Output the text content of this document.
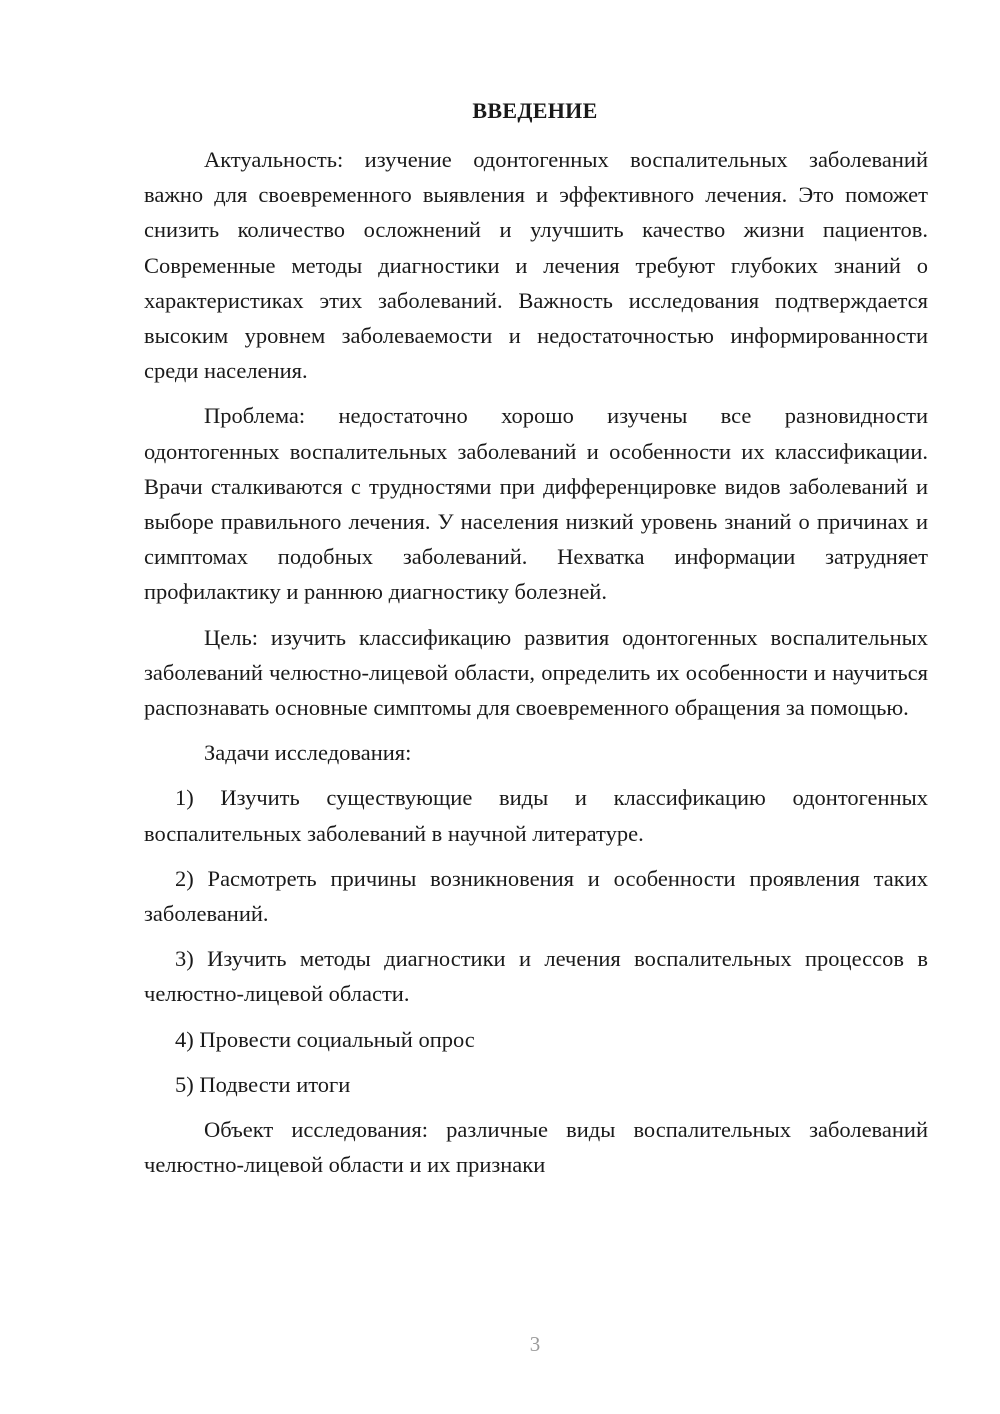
ВВЕДЕНИЕ

Актуальность: изучение одонтогенных воспалительных заболеваний важно для своевременного выявления и эффективного лечения. Это поможет снизить количество осложнений и улучшить качество жизни пациентов. Современные методы диагностики и лечения требуют глубоких знаний о характеристиках этих заболеваний. Важность исследования подтверждается высоким уровнем заболеваемости и недостаточностью информированности среди населения.

Проблема: недостаточно хорошо изучены все разновидности одонтогенных воспалительных заболеваний и особенности их классификации. Врачи сталкиваются с трудностями при дифференцировке видов заболеваний и выборе правильного лечения. У населения низкий уровень знаний о причинах и симптомах подобных заболеваний. Нехватка информации затрудняет профилактику и раннюю диагностику болезней.

Цель: изучить классификацию развития одонтогенных воспалительных заболеваний челюстно-лицевой области, определить их особенности и научиться распознавать основные симптомы для своевременного обращения за помощью.

Задачи исследования:

1) Изучить существующие виды и классификацию одонтогенных воспалительных заболеваний в научной литературе.

2) Расмотреть причины возникновения и особенности проявления таких заболеваний.

3) Изучить методы диагностики и лечения воспалительных процессов в челюстно-лицевой области.

4) Провести социальный опрос

5) Подвести итоги

Объект исследования: различные виды воспалительных заболеваний челюстно-лицевой области и их признаки

3
